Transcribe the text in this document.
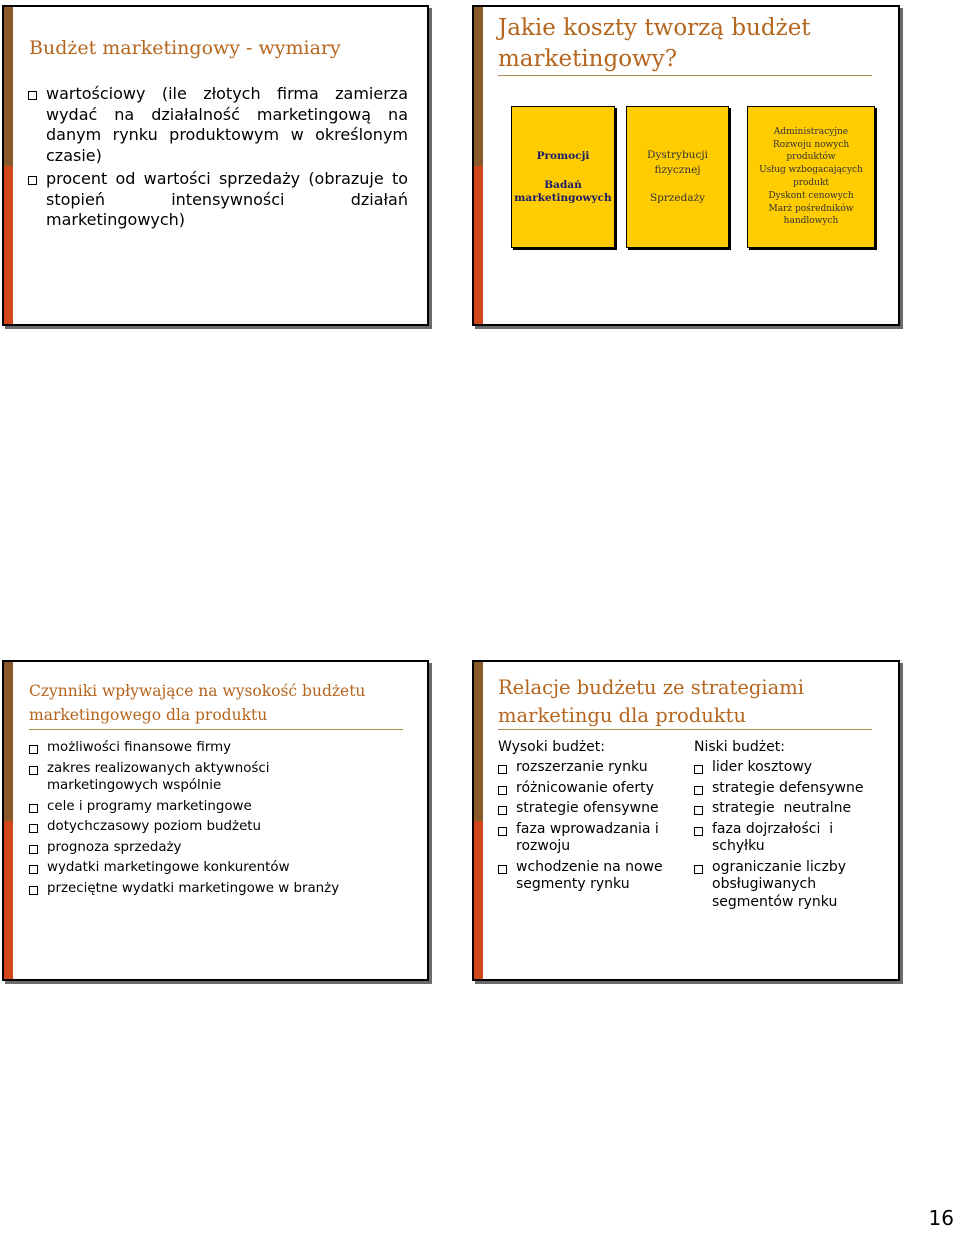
Budżet marketingowy - wymiary
wartościowy (ile złotych firma zamierza wydać na działalność marketingową na danym rynku produktowym w określonym czasie)
procent od wartości sprzedaży (obrazuje to stopień intensywności działań marketingowych)
Jakie koszty tworzą budżet
marketingowy?
Promocji
Badań
marketingowych
Dystrybucji
fizycznej
Sprzedaży
Administracyjne
Rozwoju nowych
produktów
Usług wzbogacających
produkt
Dyskont cenowych
Marż pośredników
handlowych
Czynniki wpływające na wysokość budżetu
marketingowego dla produktu
możliwości finansowe firmy
zakres realizowanych aktywności marketingowych wspólnie
cele i programy marketingowe
dotychczasowy poziom budżetu
prognoza sprzedaży
wydatki marketingowe konkurentów
przeciętne wydatki marketingowe w branży
Relacje budżetu ze strategiami
marketingu dla produktu
Wysoki budżet:
rozszerzanie rynku
różnicowanie oferty
strategie ofensywne
faza wprowadzania i rozwoju
wchodzenie na nowe segmenty rynku
Niski budżet:
lider kosztowy
strategie defensywne
strategie  neutralne
faza dojrzałości  i schyłku
ograniczanie liczby obsługiwanych segmentów rynku
16
